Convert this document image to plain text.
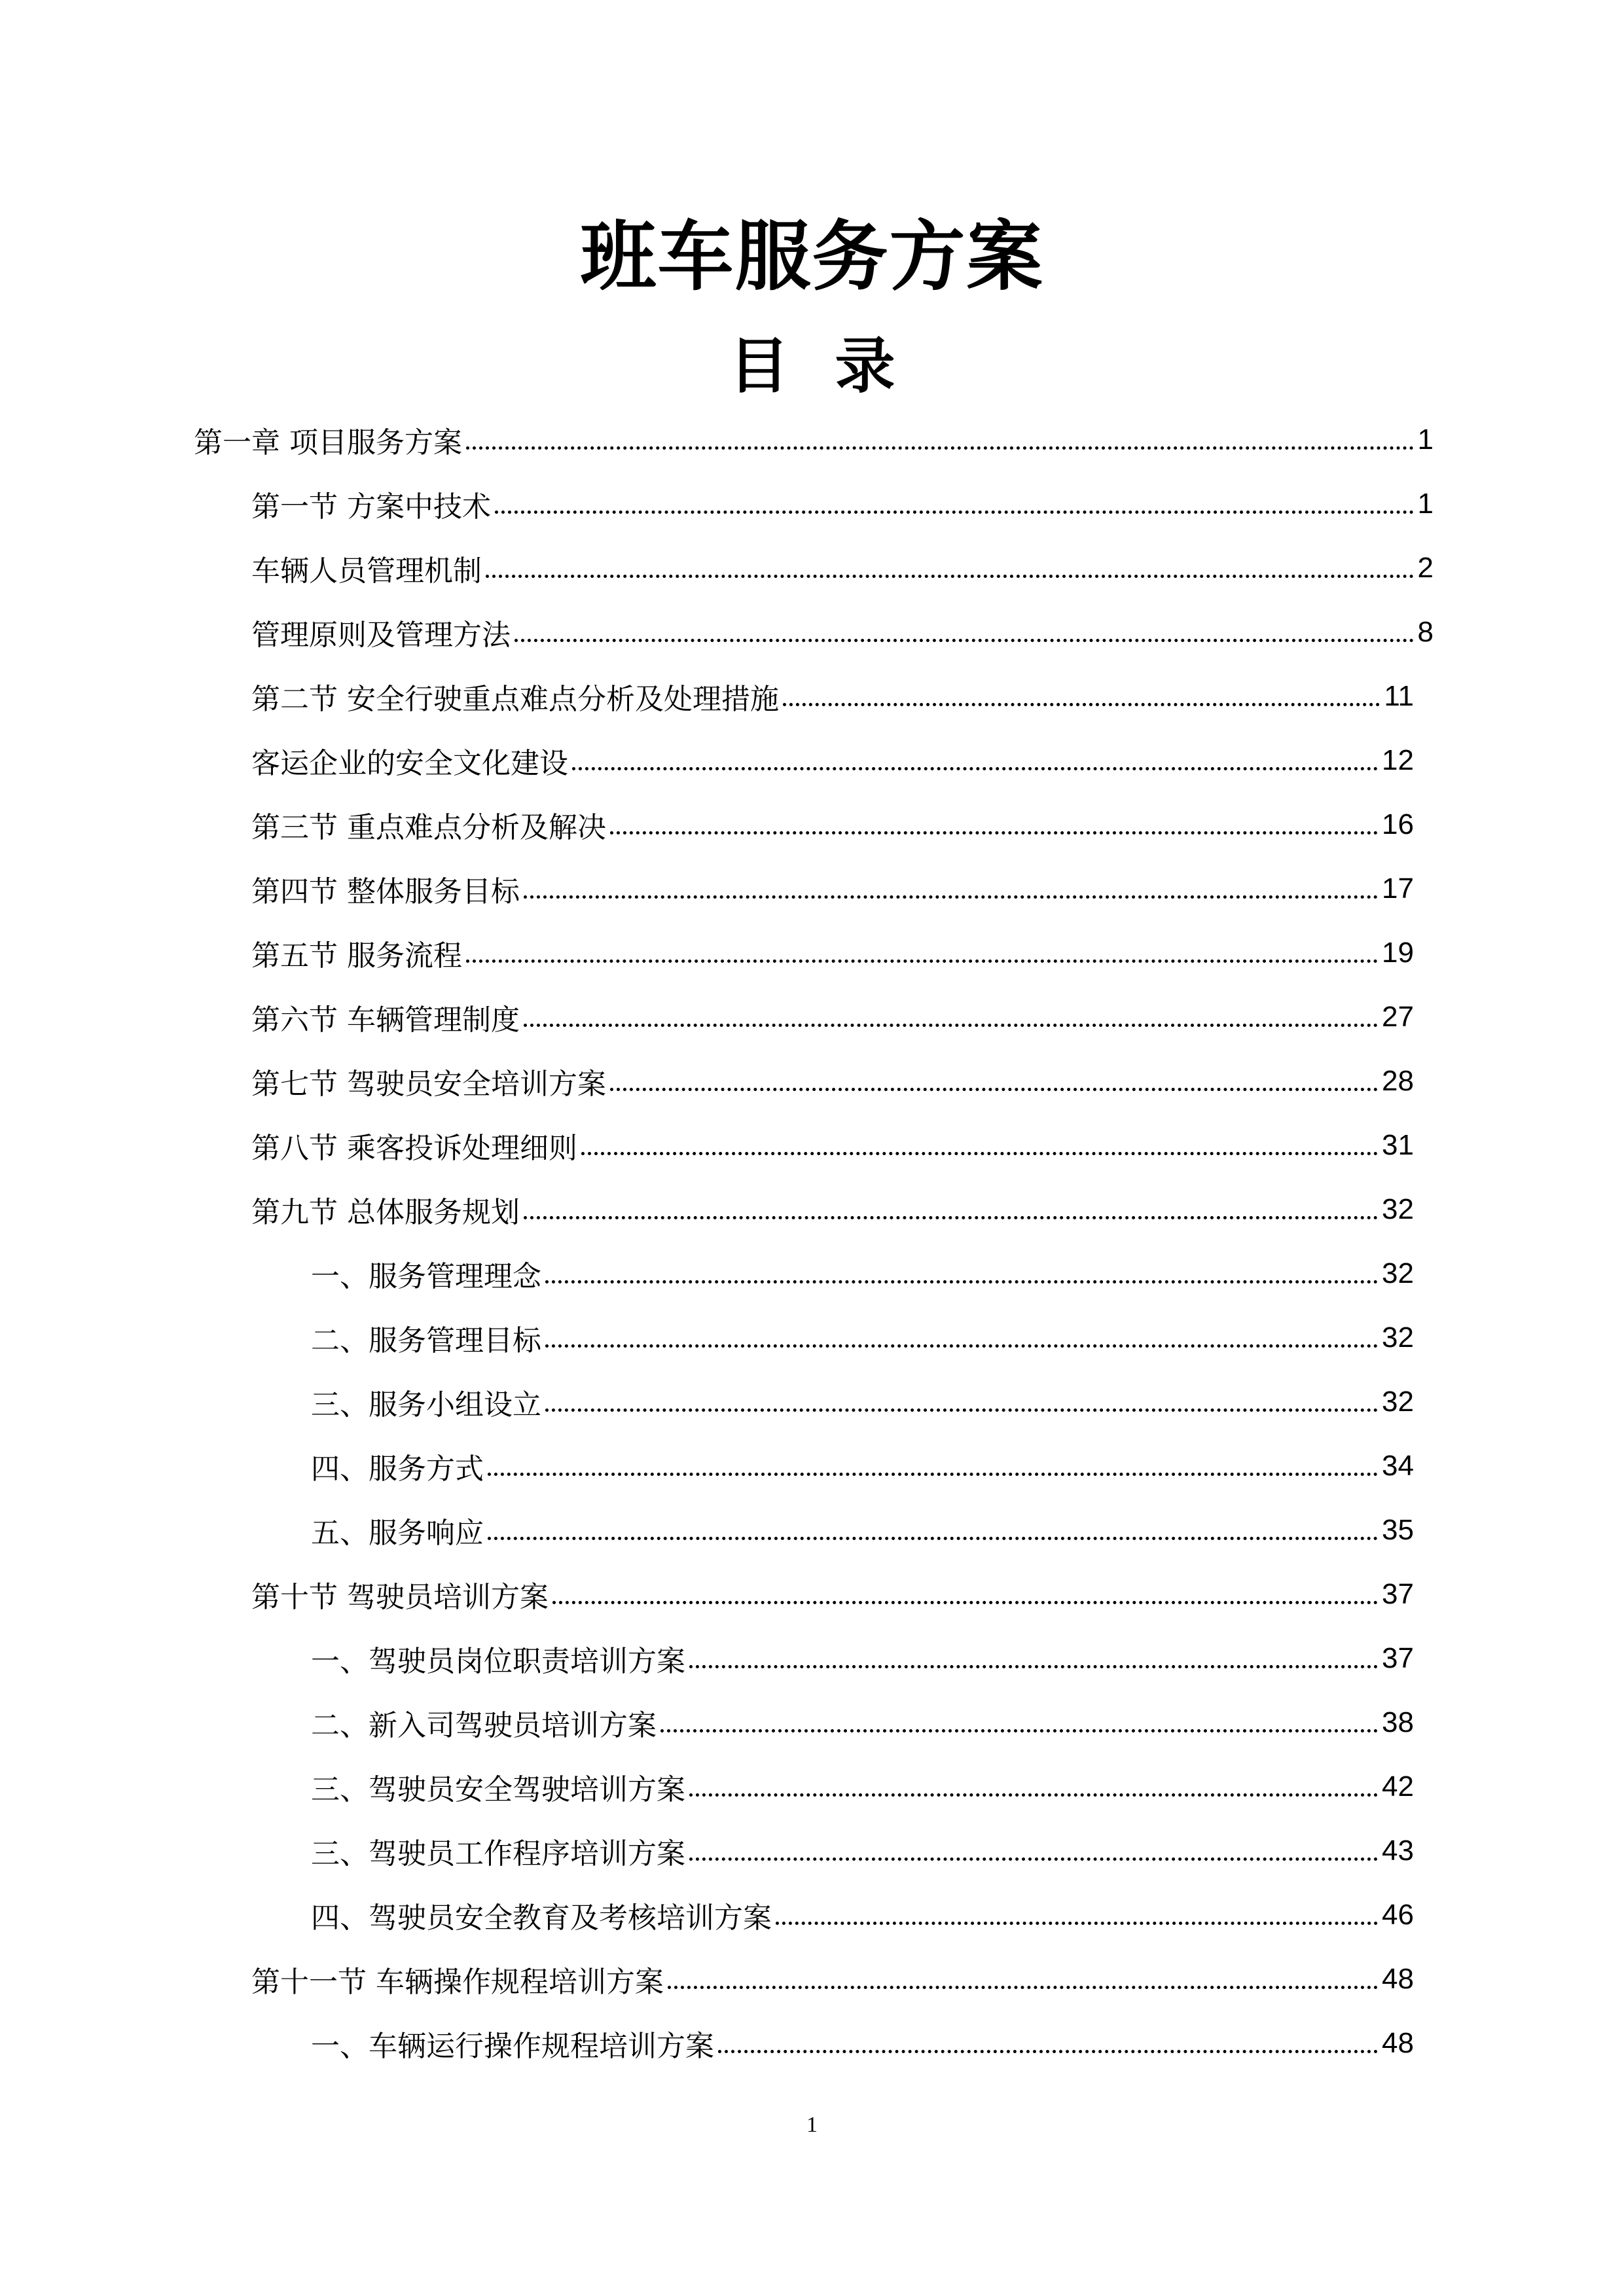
班车服务方案
目录
第一章 项目服务方案	1
第一节 方案中技术	1
车辆人员管理机制	2
管理原则及管理方法	8
第二节 安全行驶重点难点分析及处理措施	11
客运企业的安全文化建设	12
第三节 重点难点分析及解决	16
第四节 整体服务目标	17
第五节 服务流程	19
第六节 车辆管理制度	27
第七节 驾驶员安全培训方案	28
第八节 乘客投诉处理细则	31
第九节 总体服务规划	32
一、服务管理理念	32
二、服务管理目标	32
三、服务小组设立	32
四、服务方式	34
五、服务响应	35
第十节 驾驶员培训方案	37
一、驾驶员岗位职责培训方案	37
二、新入司驾驶员培训方案	38
三、驾驶员安全驾驶培训方案	42
三、驾驶员工作程序培训方案	43
四、驾驶员安全教育及考核培训方案	46
第十一节 车辆操作规程培训方案	48
一、车辆运行操作规程培训方案	48
1
